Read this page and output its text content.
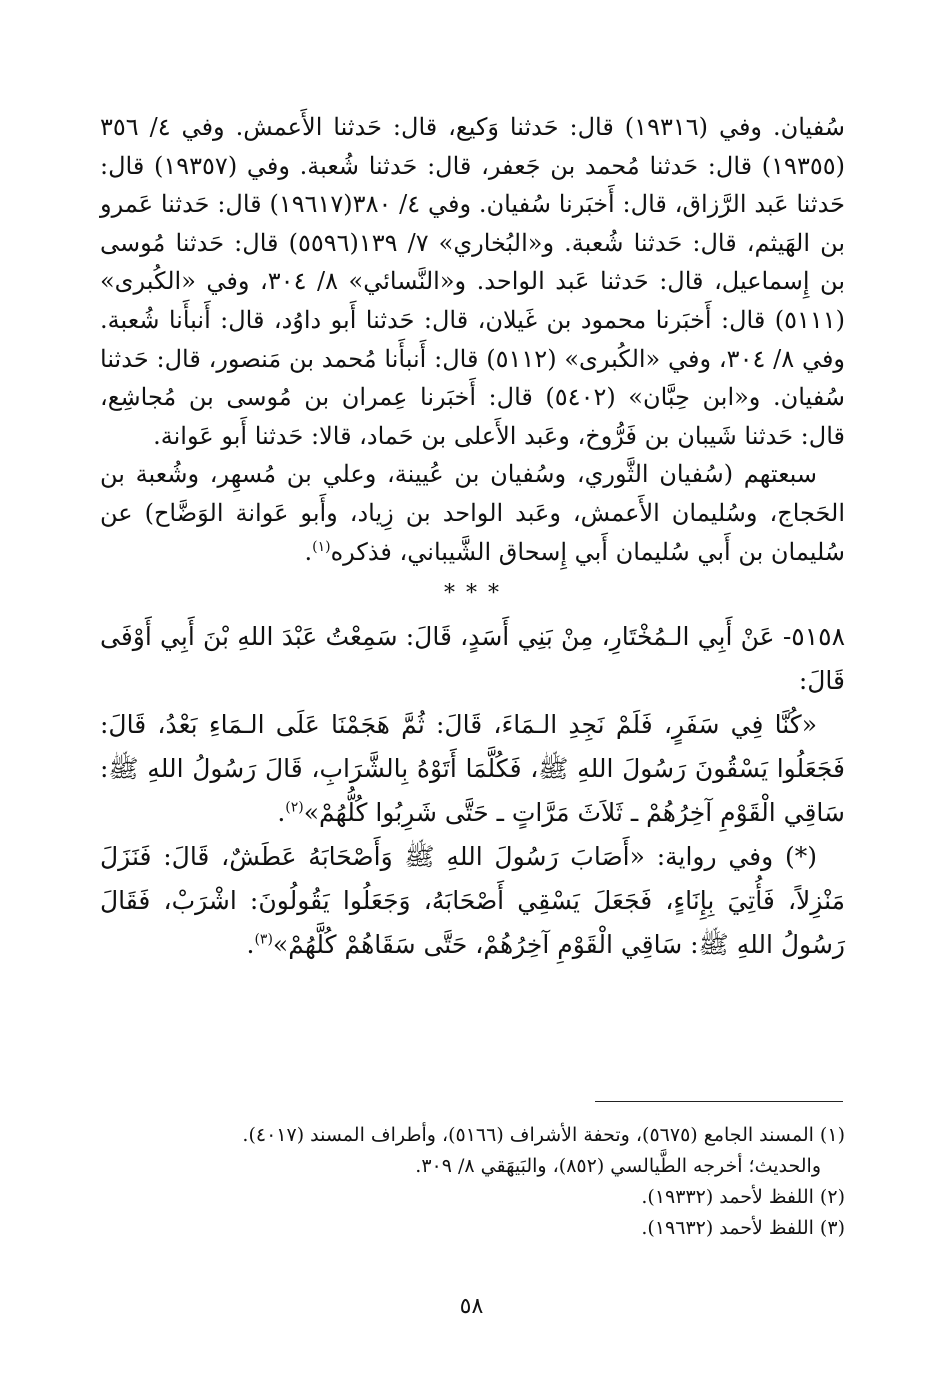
سُفيان. وفي (١٩٣١٦) قال: حَدثنا وَكيع، قال: حَدثنا الأَعمش. وفي ٤/ ٣٥٦ (١٩٣٥٥) قال: حَدثنا مُحمد بن جَعفر، قال: حَدثنا شُعبة. وفي (١٩٣٥٧) قال: حَدثنا عَبد الرَّزاق، قال: أَخبَرنا سُفيان. وفي ٤/ ٣٨٠(١٩٦١٧) قال: حَدثنا عَمرو بن الهَيثم، قال: حَدثنا شُعبة. و«البُخاري» ٧/ ١٣٩(٥٥٩٦) قال: حَدثنا مُوسى بن إِسماعيل، قال: حَدثنا عَبد الواحد. و«النَّسائي» ٨/ ٣٠٤، وفي «الكُبرى» (٥١١١) قال: أَخبَرنا محمود بن غَيلان، قال: حَدثنا أَبو داوُد، قال: أَنبأَنا شُعبة. وفي ٨/ ٣٠٤، وفي «الكُبرى» (٥١١٢) قال: أَنبأَنا مُحمد بن مَنصور، قال: حَدثنا سُفيان. و«ابن حِبَّان» (٥٤٠٢) قال: أَخبَرنا عِمران بن مُوسى بن مُجاشِع، قال: حَدثنا شَيبان بن فَرُّوخ، وعَبد الأَعلى بن حَماد، قالا: حَدثنا أَبو عَوانة.

سبعتهم (سُفيان الثَّوري، وسُفيان بن عُيينة، وعلي بن مُسهِر، وشُعبة بن الحَجاج، وسُليمان الأَعمش، وعَبد الواحد بن زِياد، وأَبو عَوانة الوَضَّاح) عن سُليمان بن أَبي سُليمان أَبي إِسحاق الشَّيباني، فذكره$^{(١)}$.

* * *

٥١٥٨- عَنْ أَبِي الـمُخْتَارِ، مِنْ بَنِي أَسَدٍ، قَالَ: سَمِعْتُ عَبْدَ اللهِ بْنَ أَبِي أَوْفَى قَالَ:

«كُنَّا فِي سَفَرٍ، فَلَمْ نَجِدِ الـمَاءَ، قَالَ: ثُمَّ هَجَمْنَا عَلَى الـمَاءِ بَعْدُ، قَالَ: فَجَعَلُوا يَسْقُونَ رَسُولَ اللهِ ﷺ، فَكُلَّمَا أَتَوْهُ بِالشَّرَابِ، قَالَ رَسُولُ اللهِ ﷺ: سَاقِي الْقَوْمِ آخِرُهُمْ ـ ثَلاَثَ مَرَّاتٍ ـ حَتَّى شَرِبُوا كُلُّهُمْ»$^{(٢)}$.

(*) وفي رواية: «أَصَابَ رَسُولَ اللهِ ﷺ وَأَصْحَابَهُ عَطَشٌ، قَالَ: فَنَزَلَ مَنْزِلاً، فَأُتِيَ بِإِنَاءٍ، فَجَعَلَ يَسْقِي أَصْحَابَهُ، وَجَعَلُوا يَقُولُونَ: اشْرَبْ، فَقَالَ رَسُولُ اللهِ ﷺ: سَاقِي الْقَوْمِ آخِرُهُمْ، حَتَّى سَقَاهُمْ كُلَّهُمْ»$^{(٣)}$.

(١) المسند الجامع (٥٦٧٥)، وتحفة الأشراف (٥١٦٦)، وأطراف المسند (٤٠١٧).

والحديث؛ أخرجه الطَّيالسي (٨٥٢)، والبَيهَقي ٨/ ٣٠٩.

(٢) اللفظ لأحمد (١٩٣٣٢).

(٣) اللفظ لأحمد (١٩٦٣٢).

٥٨
